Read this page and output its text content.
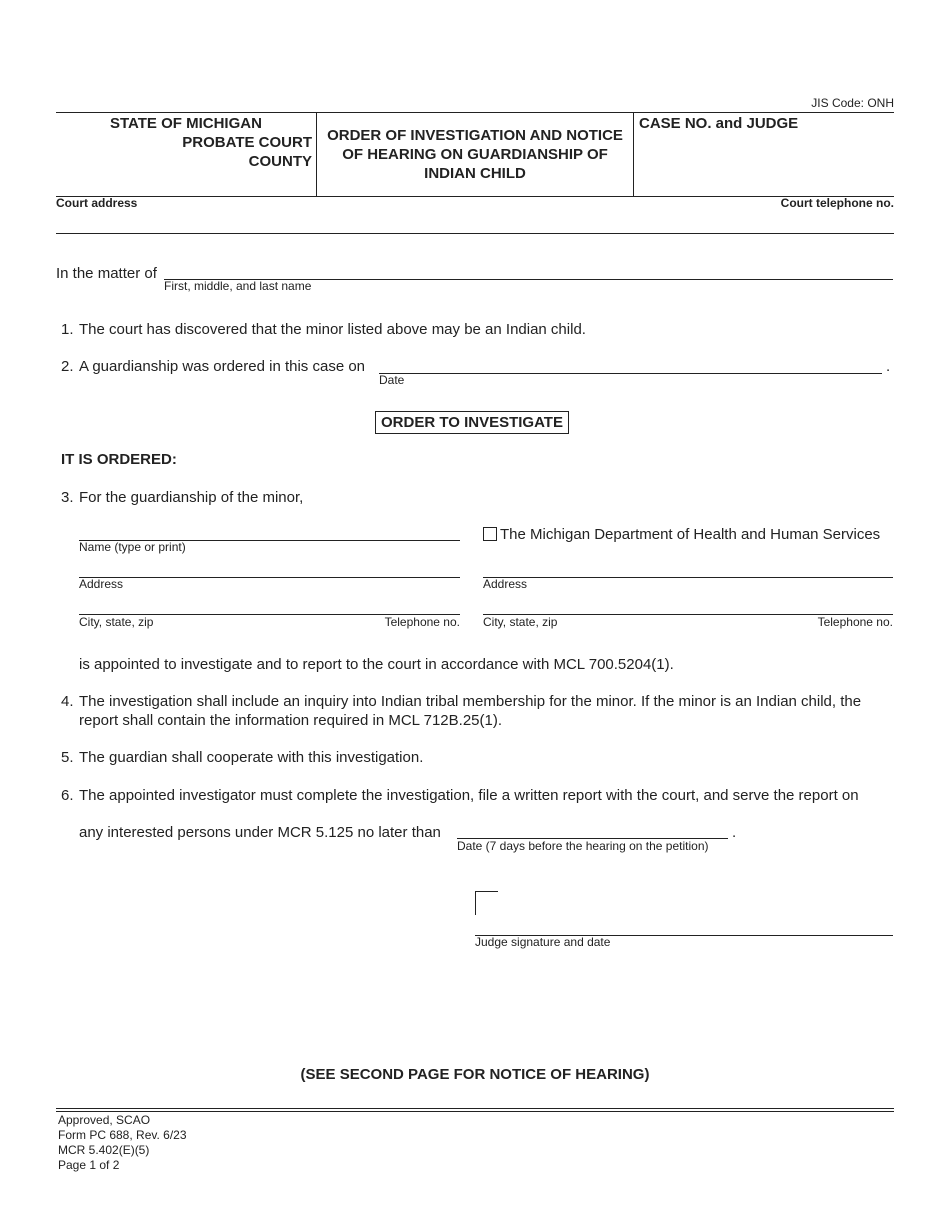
JIS Code: ONH
STATE OF MICHIGAN
PROBATE COURT
COUNTY
ORDER OF INVESTIGATION AND NOTICE
OF HEARING ON GUARDIANSHIP OF
INDIAN CHILD
CASE NO. and JUDGE
Court address	Court telephone no.
In the matter of
First, middle, and last name
1. The court has discovered that the minor listed above may be an Indian child.
2. A guardianship was ordered in this case on
Date
.
ORDER TO INVESTIGATE
IT IS ORDERED:
3. For the guardianship of the minor,
Name (type or print)
Address
City, state, zip	Telephone no.
The Michigan Department of Health and Human Services
Address
City, state, zip	Telephone no.
is appointed to investigate and to report to the court in accordance with MCL 700.5204(1).
4. The investigation shall include an inquiry into Indian tribal membership for the minor. If the minor is an Indian child, the
report shall contain the information required in MCL 712B.25(1).
5. The guardian shall cooperate with this investigation.
6. The appointed investigator must complete the investigation, file a written report with the court, and serve the report on
any interested persons under MCR 5.125 no later than
Date (7 days before the hearing on the petition)
.
Judge signature and date
(SEE SECOND PAGE FOR NOTICE OF HEARING)
Approved, SCAO
Form PC 688, Rev. 6/23
MCR 5.402(E)(5)
Page 1 of 2
